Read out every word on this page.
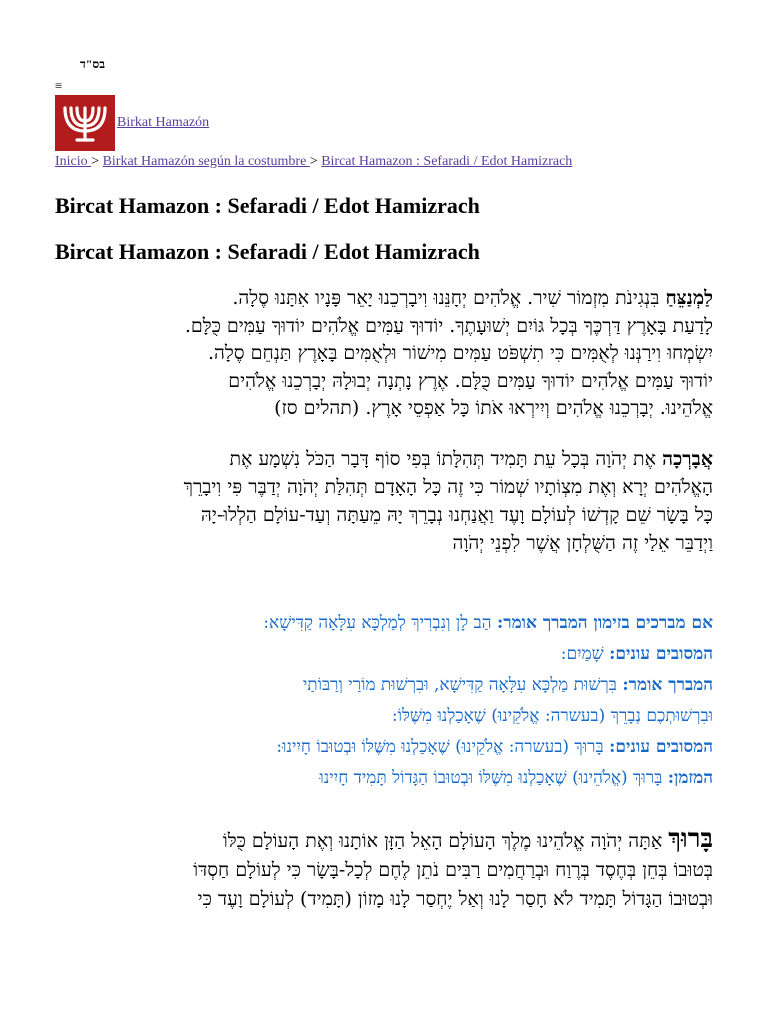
בס"ד
≡
Birkat Hamazón
Inicio > Birkat Hamazón según la costumbre > Bircat Hamazon : Sefaradi / Edot Hamizrach
Bircat Hamazon : Sefaradi / Edot Hamizrach
Bircat Hamazon : Sefaradi / Edot Hamizrach
לַמְנַצֵּחַ בִּנְגִינֹת מִזְמוֹר שִׁיר. אֱלֹהִים יְחָנֵּנוּ וִיבָרְכֵנוּ יָאֵר פָּנָיו אִתָּנוּ סֶלָה.
לָדַעַת בָּאָרֶץ דַּרְכֶּךָ בְּכָל גּוֹיִם יְשׁוּעָתֶךָ. יוֹדוּךָ עַמִּים אֱלֹהִים יוֹדוּךָ עַמִּים כֻּלָּם.
יִשְׂמְחוּ וִירַנְּנוּ לְאֻמִּים כִּי תִשְׁפֹּט עַמִּים מִישׁוֹר וּלְאֻמִּים בָּאָרֶץ תַּנְחֵם סֶלָה.
יוֹדוּךָ עַמִּים אֱלֹהִים יוֹדוּךָ עַמִּים כֻּלָּם. אֶרֶץ נָתְנָה יְבוּלָהּ יְבָרְכֵנוּ אֱלֹהִים
אֱלֹהֵינוּ. יְבָרְכֵנוּ אֱלֹהִים וְיִירְאוּ אֹתוֹ כָּל אַפְסֵי אָרֶץ. (תהלים סז)
אֲבָרְכָה אֶת יְהֹוָה בְּכָל עֵת תָּמִיד תְּהִלָּתוֹ בְּפִי סוֹף דָּבָר הַכֹּל נִשְׁמָע אֶת
הָאֱלֹהִים יְרָא וְאֶת מִצְוֹתָיו שְׁמוֹר כִּי זֶה כָּל הָאָדָם תְּהִלַּת יְהֹוָה יְדַבֶּר פִּי וִיבָרֵךְ
כָּל בָּשָׂר שֵׁם קָדְשׁוֹ לְעוֹלָם וָעֶד וַאֲנַחְנוּ נְבָרֵךְ יָהּ מֵעַתָּה וְעַד-עוֹלָם הַלְלוּ-יָהּ
וַיְדַבֵּר אֵלַי זֶה הַשֻּׁלְחָן אֲשֶׁר לִפְנֵי יְהֹוָה
אם מברכים בזימון המברך אומר: הַב לָן וְנִבְרִיךְ לְמַלְכָּא עִלָּאָה קַדִּישָׁא:
המסובים עונים: שָׁמַיִם:
המברך אומר: בִּרְשׁוּת מַלְכָּא עִלָּאָה קַדִּישָׁא, וּבִרְשׁוּת מוֹרַי וְרַבּוֹתַי
וּבִרְשׁוּתְכֶם נְבָרֵךְ (בעשרה: אֱלֹקֵינוּ) שֶׁאָכַלְנוּ מִשֶּׁלּוֹ:
המסובים עונים: בָּרוּךְ (בעשרה: אֱלֹקֵינוּ) שֶׁאָכַלְנוּ מִשֶּׁלּוֹ וּבְטוּבוֹ חָיִינוּ:
המזמן: בָּרוּךְ (אֱלֹהֵינוּ) שֶׁאָכַלְנוּ מִשֶּׁלּוֹ וּבְטוּבוֹ הַגָּדוֹל תָּמִיד חָיִינוּ
בָּרוּךְ אַתָּה יְהֹוָה אֱלֹהֵינוּ מֶלֶךְ הָעוֹלָם הָאֵל הַזָּן אוֹתָנוּ וְאֶת הָעוֹלָם כֻּלּוֹ
בְּטוּבוֹ בְּחֵן בְּחֶסֶד בְּרֶוַח וּבְרַחֲמִים רַבִּים נֹתֵן לֶחֶם לְכָל-בָּשָׂר כִּי לְעוֹלָם חַסְדּוֹ
וּבְטוּבוֹ הַגָּדוֹל תָּמִיד לֹא חָסַר לָנוּ וְאַל יֶחְסַר לָנוּ מָזוֹן (תָּמִיד) לְעוֹלָם וָעֶד כִּי
